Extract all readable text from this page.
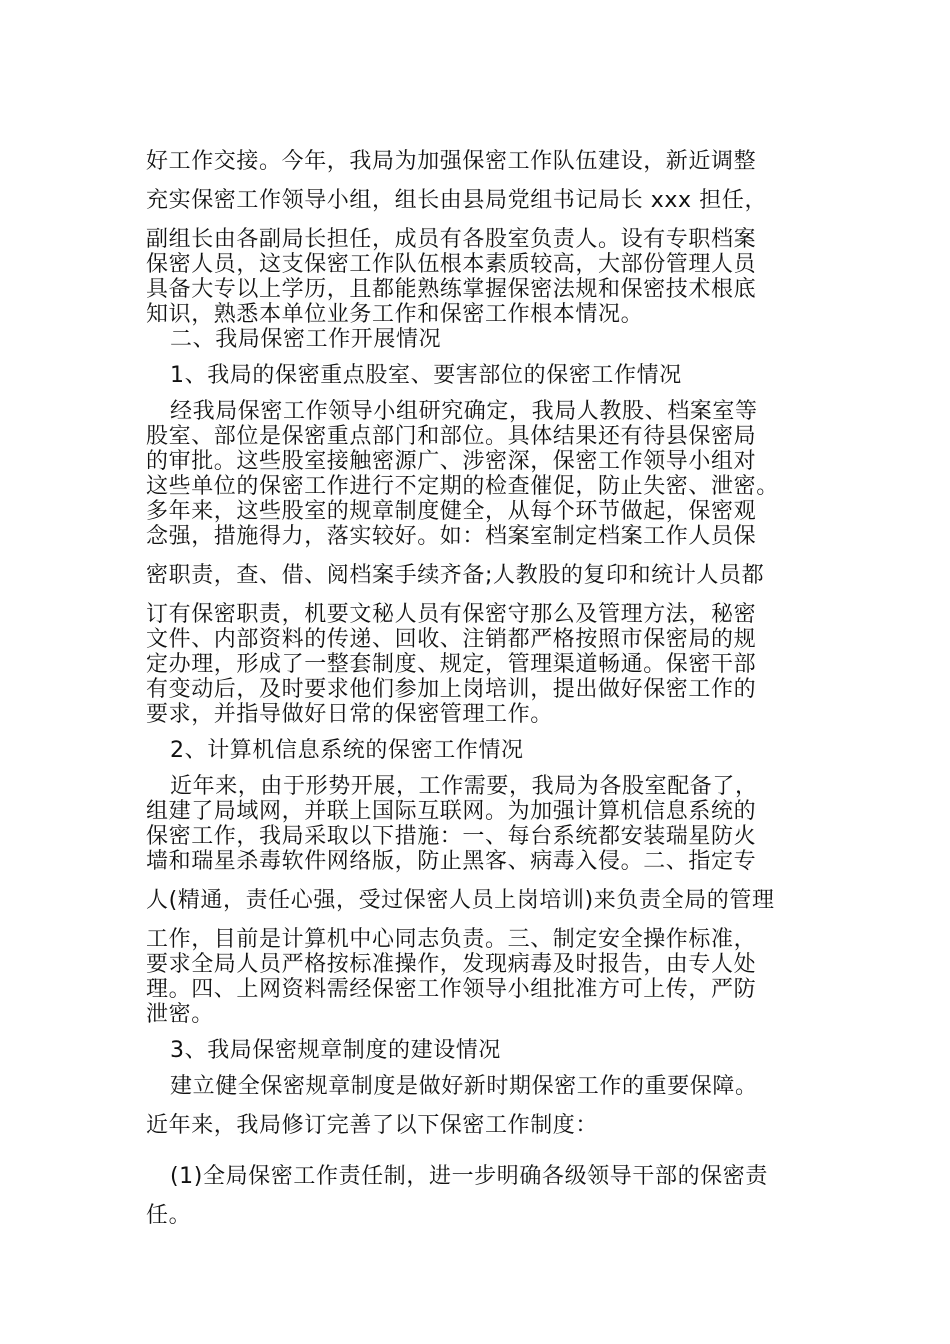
好工作交接。今年，我局为加强保密工作队伍建设，新近调整
充实保密工作领导小组，组长由县局党组书记局长 xxx 担任，
副组长由各副局长担任，成员有各股室负责人。设有专职档案
保密人员，这支保密工作队伍根本素质较高，大部份管理人员
具备大专以上学历，且都能熟练掌握保密法规和保密技术根底
知识，熟悉本单位业务工作和保密工作根本情况。
二、我局保密工作开展情况
1、我局的保密重点股室、要害部位的保密工作情况
经我局保密工作领导小组研究确定，我局人教股、档案室等
股室、部位是保密重点部门和部位。具体结果还有待县保密局
的审批。这些股室接触密源广、涉密深，保密工作领导小组对
这些单位的保密工作进行不定期的检查催促，防止失密、泄密。
多年来，这些股室的规章制度健全，从每个环节做起，保密观
念强，措施得力，落实较好。如：档案室制定档案工作人员保
密职责，查、借、阅档案手续齐备;人教股的复印和统计人员都
订有保密职责，机要文秘人员有保密守那么及管理方法，秘密
文件、内部资料的传递、回收、注销都严格按照市保密局的规
定办理，形成了一整套制度、规定，管理渠道畅通。保密干部
有变动后，及时要求他们参加上岗培训，提出做好保密工作的
要求，并指导做好日常的保密管理工作。
2、计算机信息系统的保密工作情况
近年来，由于形势开展，工作需要，我局为各股室配备了，
组建了局域网，并联上国际互联网。为加强计算机信息系统的
保密工作，我局采取以下措施：一、每台系统都安装瑞星防火
墙和瑞星杀毒软件网络版，防止黑客、病毒入侵。二、指定专
人(精通，责任心强，受过保密人员上岗培训)来负责全局的管理
工作，目前是计算机中心同志负责。三、制定安全操作标准，
要求全局人员严格按标准操作，发现病毒及时报告，由专人处
理。四、上网资料需经保密工作领导小组批准方可上传，严防
泄密。
3、我局保密规章制度的建设情况
建立健全保密规章制度是做好新时期保密工作的重要保障。
近年来，我局修订完善了以下保密工作制度：
(1)全局保密工作责任制，进一步明确各级领导干部的保密责
任。
